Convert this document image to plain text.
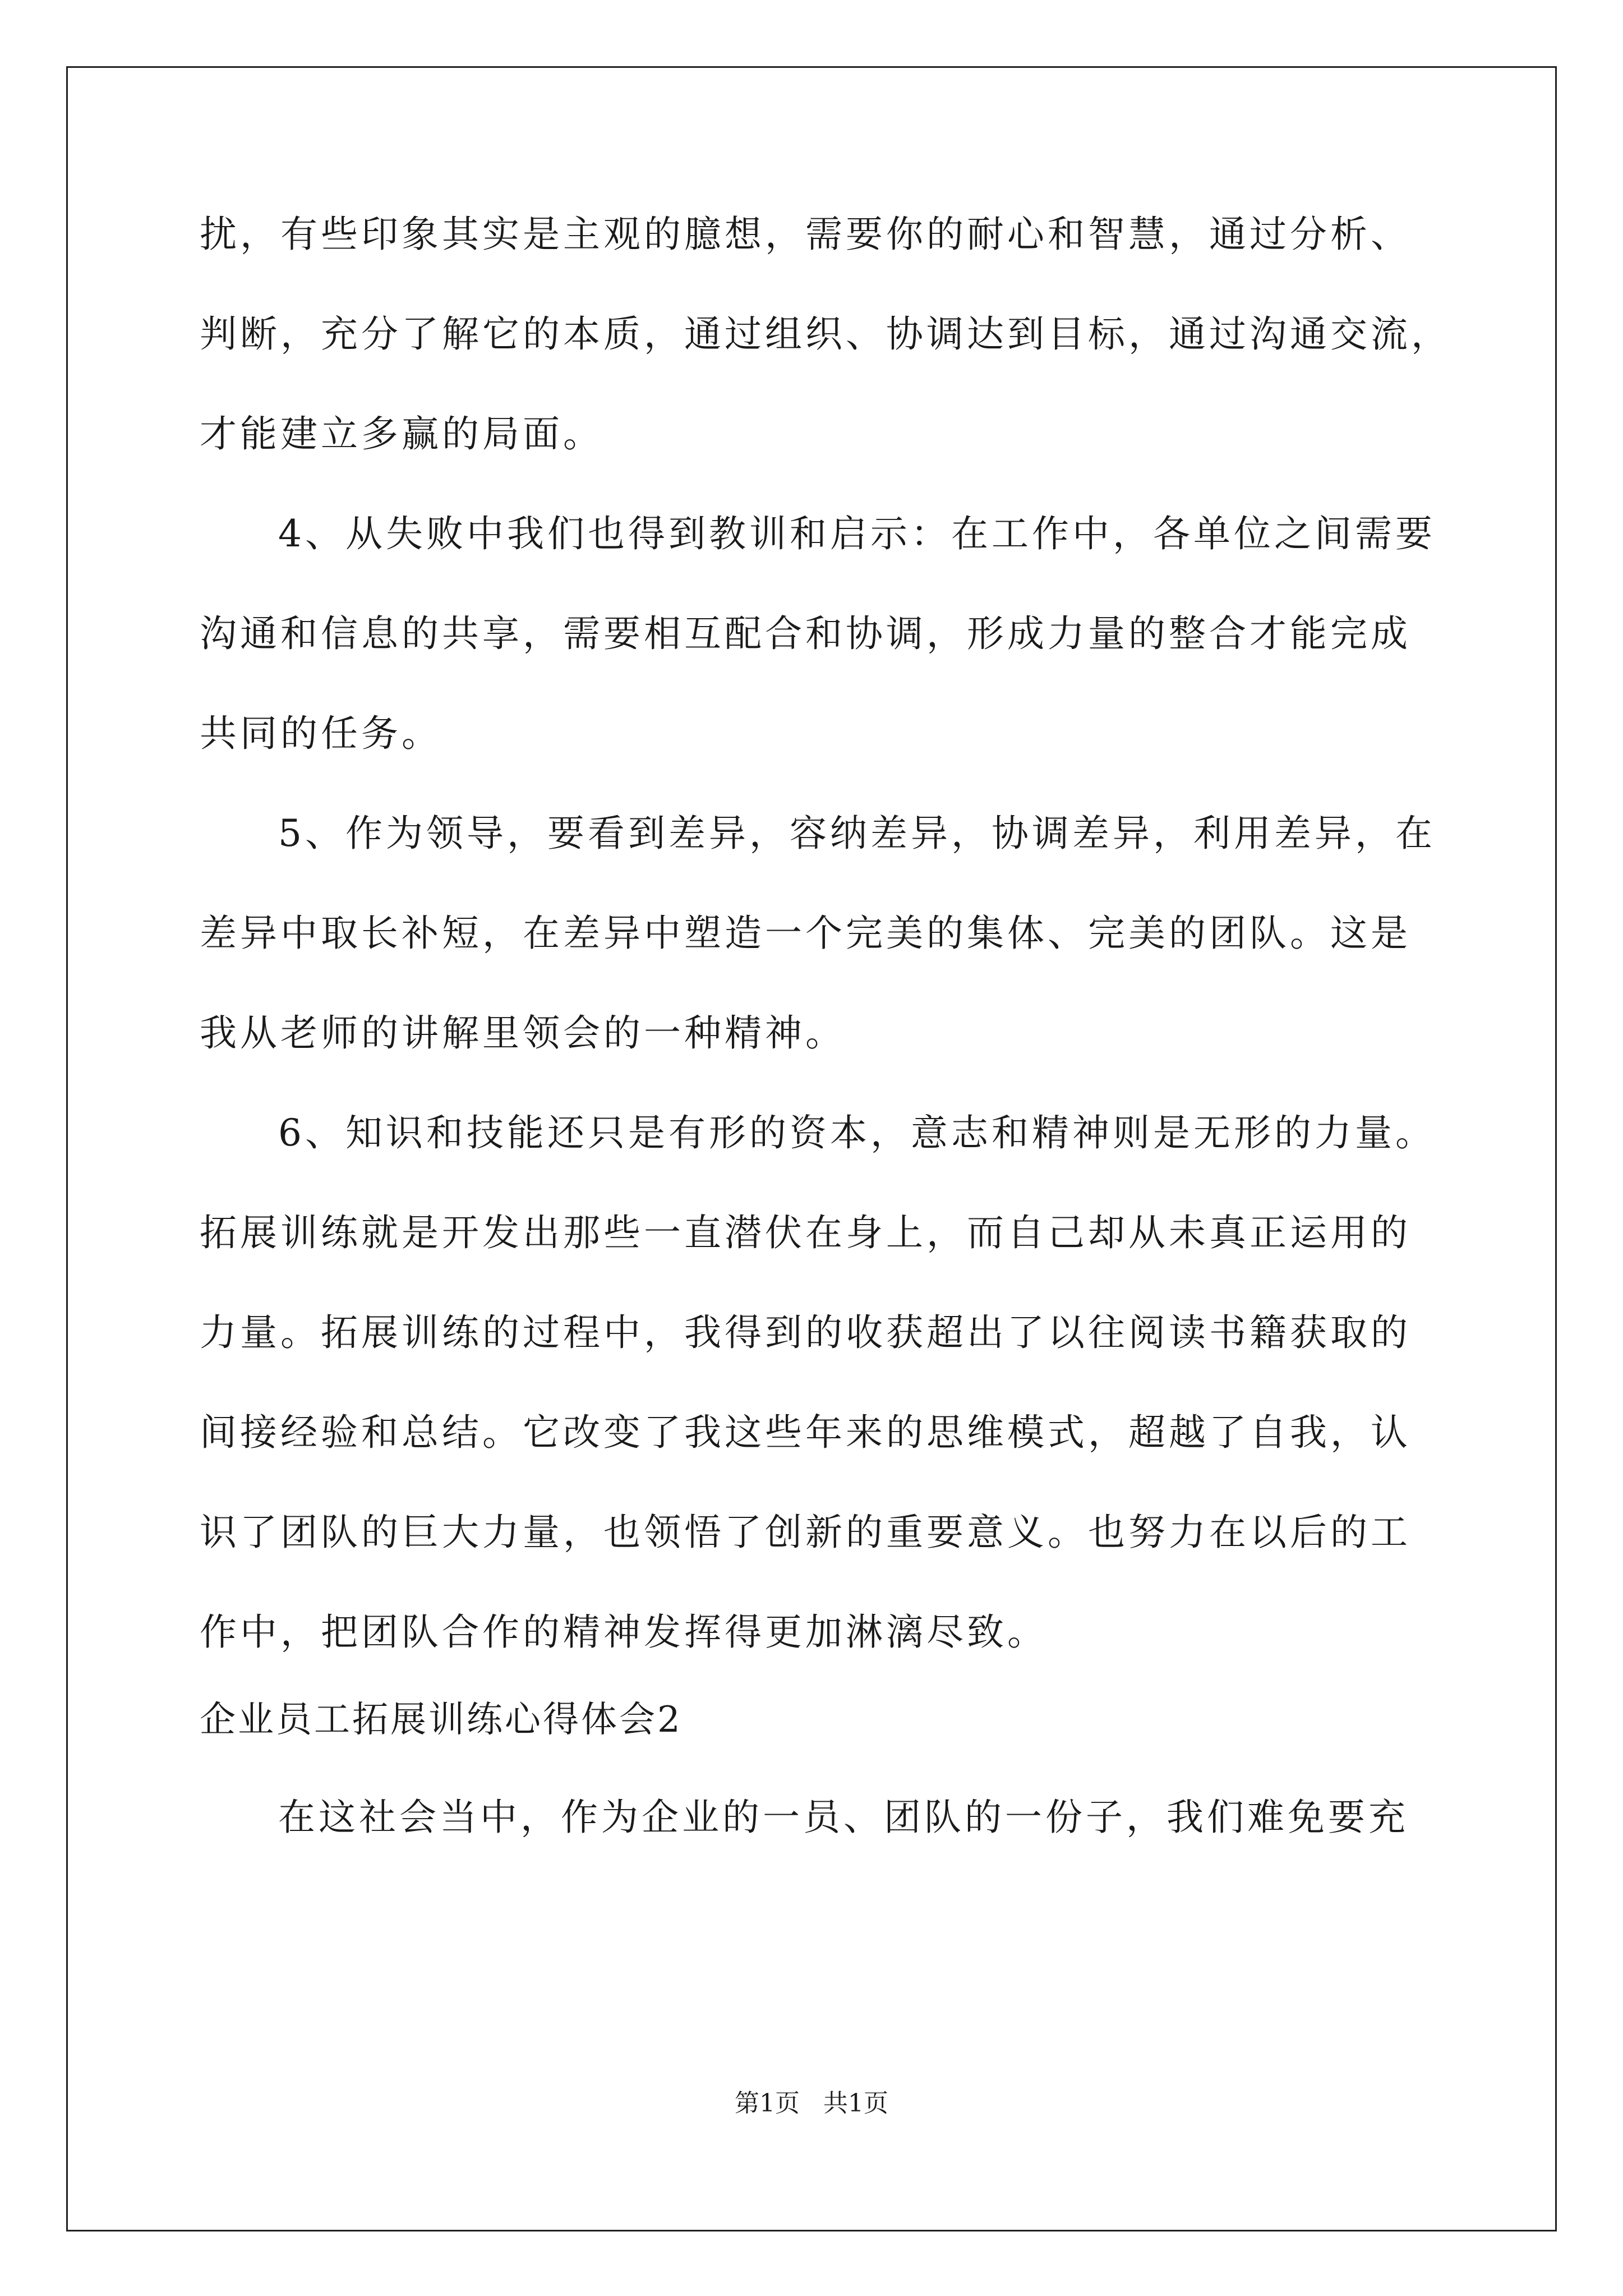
扰，有些印象其实是主观的臆想，需要你的耐心和智慧，通过分析、
判断，充分了解它的本质，通过组织、协调达到目标，通过沟通交流，
才能建立多赢的局面。
4、从失败中我们也得到教训和启示：在工作中，各单位之间需要
沟通和信息的共享，需要相互配合和协调，形成力量的整合才能完成
共同的任务。
5、作为领导，要看到差异，容纳差异，协调差异，利用差异，在
差异中取长补短，在差异中塑造一个完美的集体、完美的团队。这是
我从老师的讲解里领会的一种精神。
6、知识和技能还只是有形的资本，意志和精神则是无形的力量。
拓展训练就是开发出那些一直潜伏在身上，而自己却从未真正运用的
力量。拓展训练的过程中，我得到的收获超出了以往阅读书籍获取的
间接经验和总结。它改变了我这些年来的思维模式，超越了自我，认
识了团队的巨大力量，也领悟了创新的重要意义。也努力在以后的工
作中，把团队合作的精神发挥得更加淋漓尽致。
企业员工拓展训练心得体会2
在这社会当中，作为企业的一员、团队的一份子，我们难免要充
第1页   共1页
